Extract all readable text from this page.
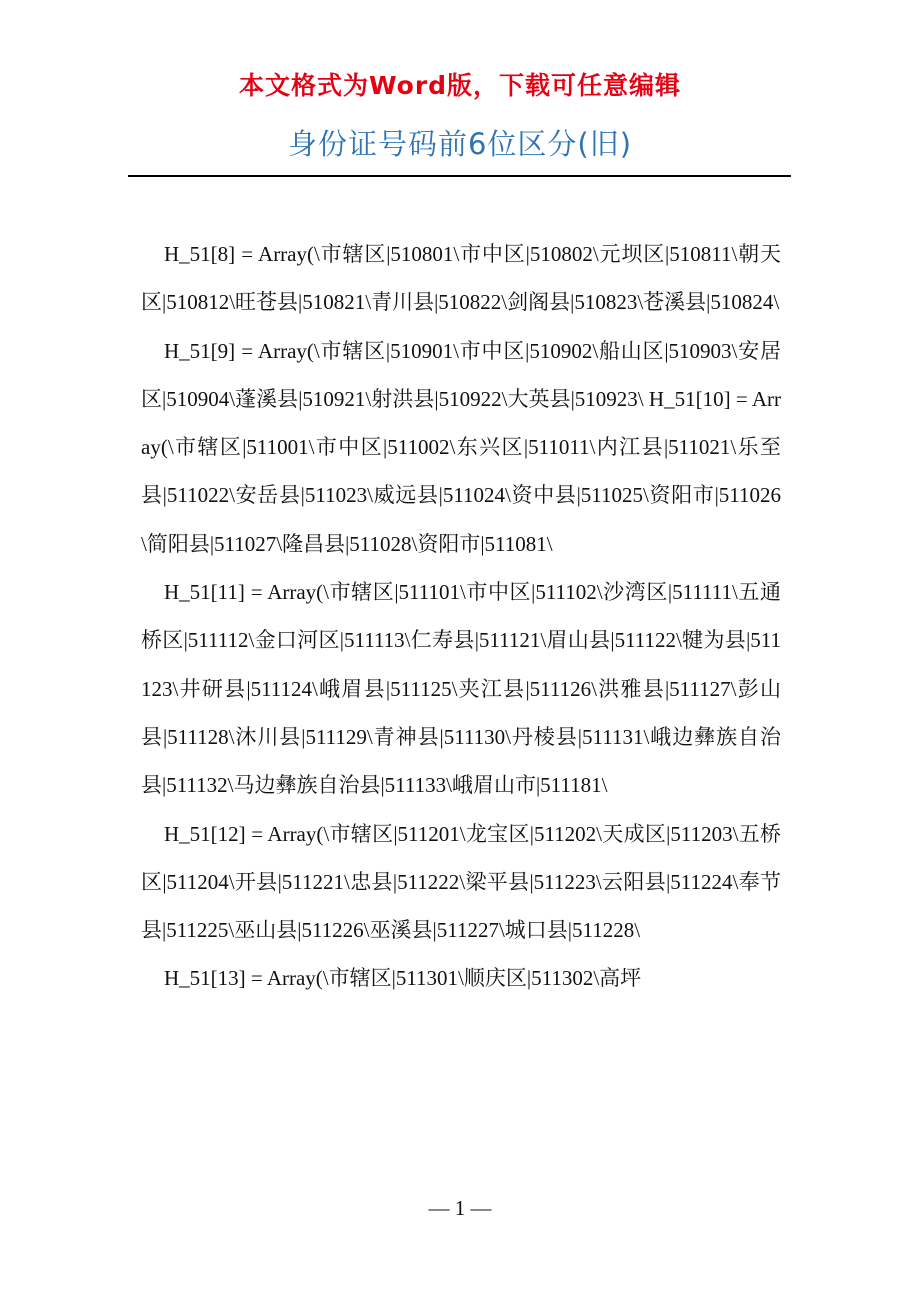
本文格式为Word版，下载可任意编辑
身份证号码前6位区分(旧)

H_51[8] = Array(\市辖区|510801\市中区|510802\元坝区|510811\朝天区|510812\旺苍县|510821\青川县|510822\剑阁县|510823\苍溪县|510824\

H_51[9] = Array(\市辖区|510901\市中区|510902\船山区|510903\安居区|510904\蓬溪县|510921\射洪县|510922\大英县|510923\ H_51[10] = Array(\市辖区|511001\市中区|511002\东兴区|511011\内江县|511021\乐至县|511022\安岳县|511023\威远县|511024\资中县|511025\资阳市|511026\简阳县|511027\隆昌县|511028\资阳市|511081\

H_51[11] = Array(\市辖区|511101\市中区|511102\沙湾区|511111\五通桥区|511112\金口河区|511113\仁寿县|511121\眉山县|511122\犍为县|511123\井研县|511124\峨眉县|511125\夹江县|511126\洪雅县|511127\彭山县|511128\沐川县|511129\青神县|511130\丹棱县|511131\峨边彝族自治县|511132\马边彝族自治县|511133\峨眉山市|511181\

H_51[12] = Array(\市辖区|511201\龙宝区|511202\天成区|511203\五桥区|511204\开县|511221\忠县|511222\梁平县|511223\云阳县|511224\奉节县|511225\巫山县|511226\巫溪县|511227\城口县|511228\

H_51[13] = Array(\市辖区|511301\顺庆区|511302\高坪

— 1 —
